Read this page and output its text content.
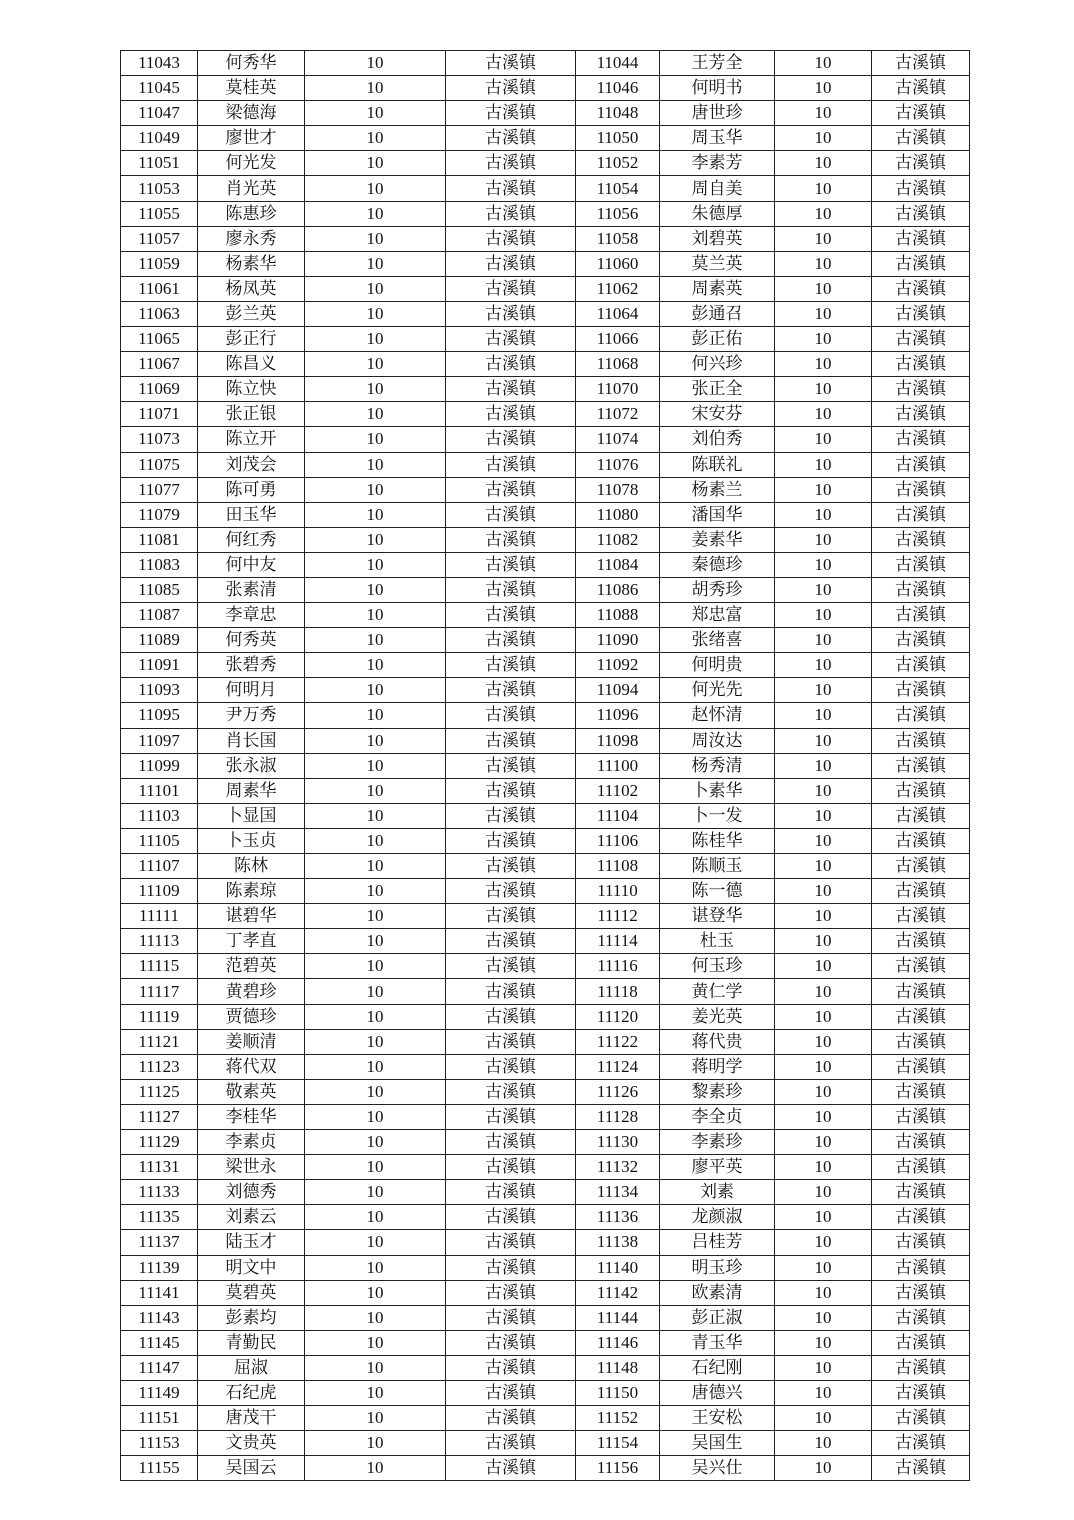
11043	何秀华	10	古溪镇	11044	王芳全	10	古溪镇
11045	莫桂英	10	古溪镇	11046	何明书	10	古溪镇
11047	梁德海	10	古溪镇	11048	唐世珍	10	古溪镇
11049	廖世才	10	古溪镇	11050	周玉华	10	古溪镇
11051	何光发	10	古溪镇	11052	李素芳	10	古溪镇
11053	肖光英	10	古溪镇	11054	周自美	10	古溪镇
11055	陈惠珍	10	古溪镇	11056	朱德厚	10	古溪镇
11057	廖永秀	10	古溪镇	11058	刘碧英	10	古溪镇
11059	杨素华	10	古溪镇	11060	莫兰英	10	古溪镇
11061	杨凤英	10	古溪镇	11062	周素英	10	古溪镇
11063	彭兰英	10	古溪镇	11064	彭通召	10	古溪镇
11065	彭正行	10	古溪镇	11066	彭正佑	10	古溪镇
11067	陈昌义	10	古溪镇	11068	何兴珍	10	古溪镇
11069	陈立快	10	古溪镇	11070	张正全	10	古溪镇
11071	张正银	10	古溪镇	11072	宋安芬	10	古溪镇
11073	陈立开	10	古溪镇	11074	刘伯秀	10	古溪镇
11075	刘茂会	10	古溪镇	11076	陈联礼	10	古溪镇
11077	陈可勇	10	古溪镇	11078	杨素兰	10	古溪镇
11079	田玉华	10	古溪镇	11080	潘国华	10	古溪镇
11081	何红秀	10	古溪镇	11082	姜素华	10	古溪镇
11083	何中友	10	古溪镇	11084	秦德珍	10	古溪镇
11085	张素清	10	古溪镇	11086	胡秀珍	10	古溪镇
11087	李章忠	10	古溪镇	11088	郑忠富	10	古溪镇
11089	何秀英	10	古溪镇	11090	张绪喜	10	古溪镇
11091	张碧秀	10	古溪镇	11092	何明贵	10	古溪镇
11093	何明月	10	古溪镇	11094	何光先	10	古溪镇
11095	尹万秀	10	古溪镇	11096	赵怀清	10	古溪镇
11097	肖长国	10	古溪镇	11098	周汝达	10	古溪镇
11099	张永淑	10	古溪镇	11100	杨秀清	10	古溪镇
11101	周素华	10	古溪镇	11102	卜素华	10	古溪镇
11103	卜显国	10	古溪镇	11104	卜一发	10	古溪镇
11105	卜玉贞	10	古溪镇	11106	陈桂华	10	古溪镇
11107	陈林	10	古溪镇	11108	陈顺玉	10	古溪镇
11109	陈素琼	10	古溪镇	11110	陈一德	10	古溪镇
11111	谌碧华	10	古溪镇	11112	谌登华	10	古溪镇
11113	丁孝直	10	古溪镇	11114	杜玉	10	古溪镇
11115	范碧英	10	古溪镇	11116	何玉珍	10	古溪镇
11117	黄碧珍	10	古溪镇	11118	黄仁学	10	古溪镇
11119	贾德珍	10	古溪镇	11120	姜光英	10	古溪镇
11121	姜顺清	10	古溪镇	11122	蒋代贵	10	古溪镇
11123	蒋代双	10	古溪镇	11124	蒋明学	10	古溪镇
11125	敬素英	10	古溪镇	11126	黎素珍	10	古溪镇
11127	李桂华	10	古溪镇	11128	李全贞	10	古溪镇
11129	李素贞	10	古溪镇	11130	李素珍	10	古溪镇
11131	梁世永	10	古溪镇	11132	廖平英	10	古溪镇
11133	刘德秀	10	古溪镇	11134	刘素	10	古溪镇
11135	刘素云	10	古溪镇	11136	龙颜淑	10	古溪镇
11137	陆玉才	10	古溪镇	11138	吕桂芳	10	古溪镇
11139	明文中	10	古溪镇	11140	明玉珍	10	古溪镇
11141	莫碧英	10	古溪镇	11142	欧素清	10	古溪镇
11143	彭素均	10	古溪镇	11144	彭正淑	10	古溪镇
11145	青勤民	10	古溪镇	11146	青玉华	10	古溪镇
11147	屈淑	10	古溪镇	11148	石纪刚	10	古溪镇
11149	石纪虎	10	古溪镇	11150	唐德兴	10	古溪镇
11151	唐茂干	10	古溪镇	11152	王安松	10	古溪镇
11153	文贵英	10	古溪镇	11154	吴国生	10	古溪镇
11155	吴国云	10	古溪镇	11156	吴兴仕	10	古溪镇
